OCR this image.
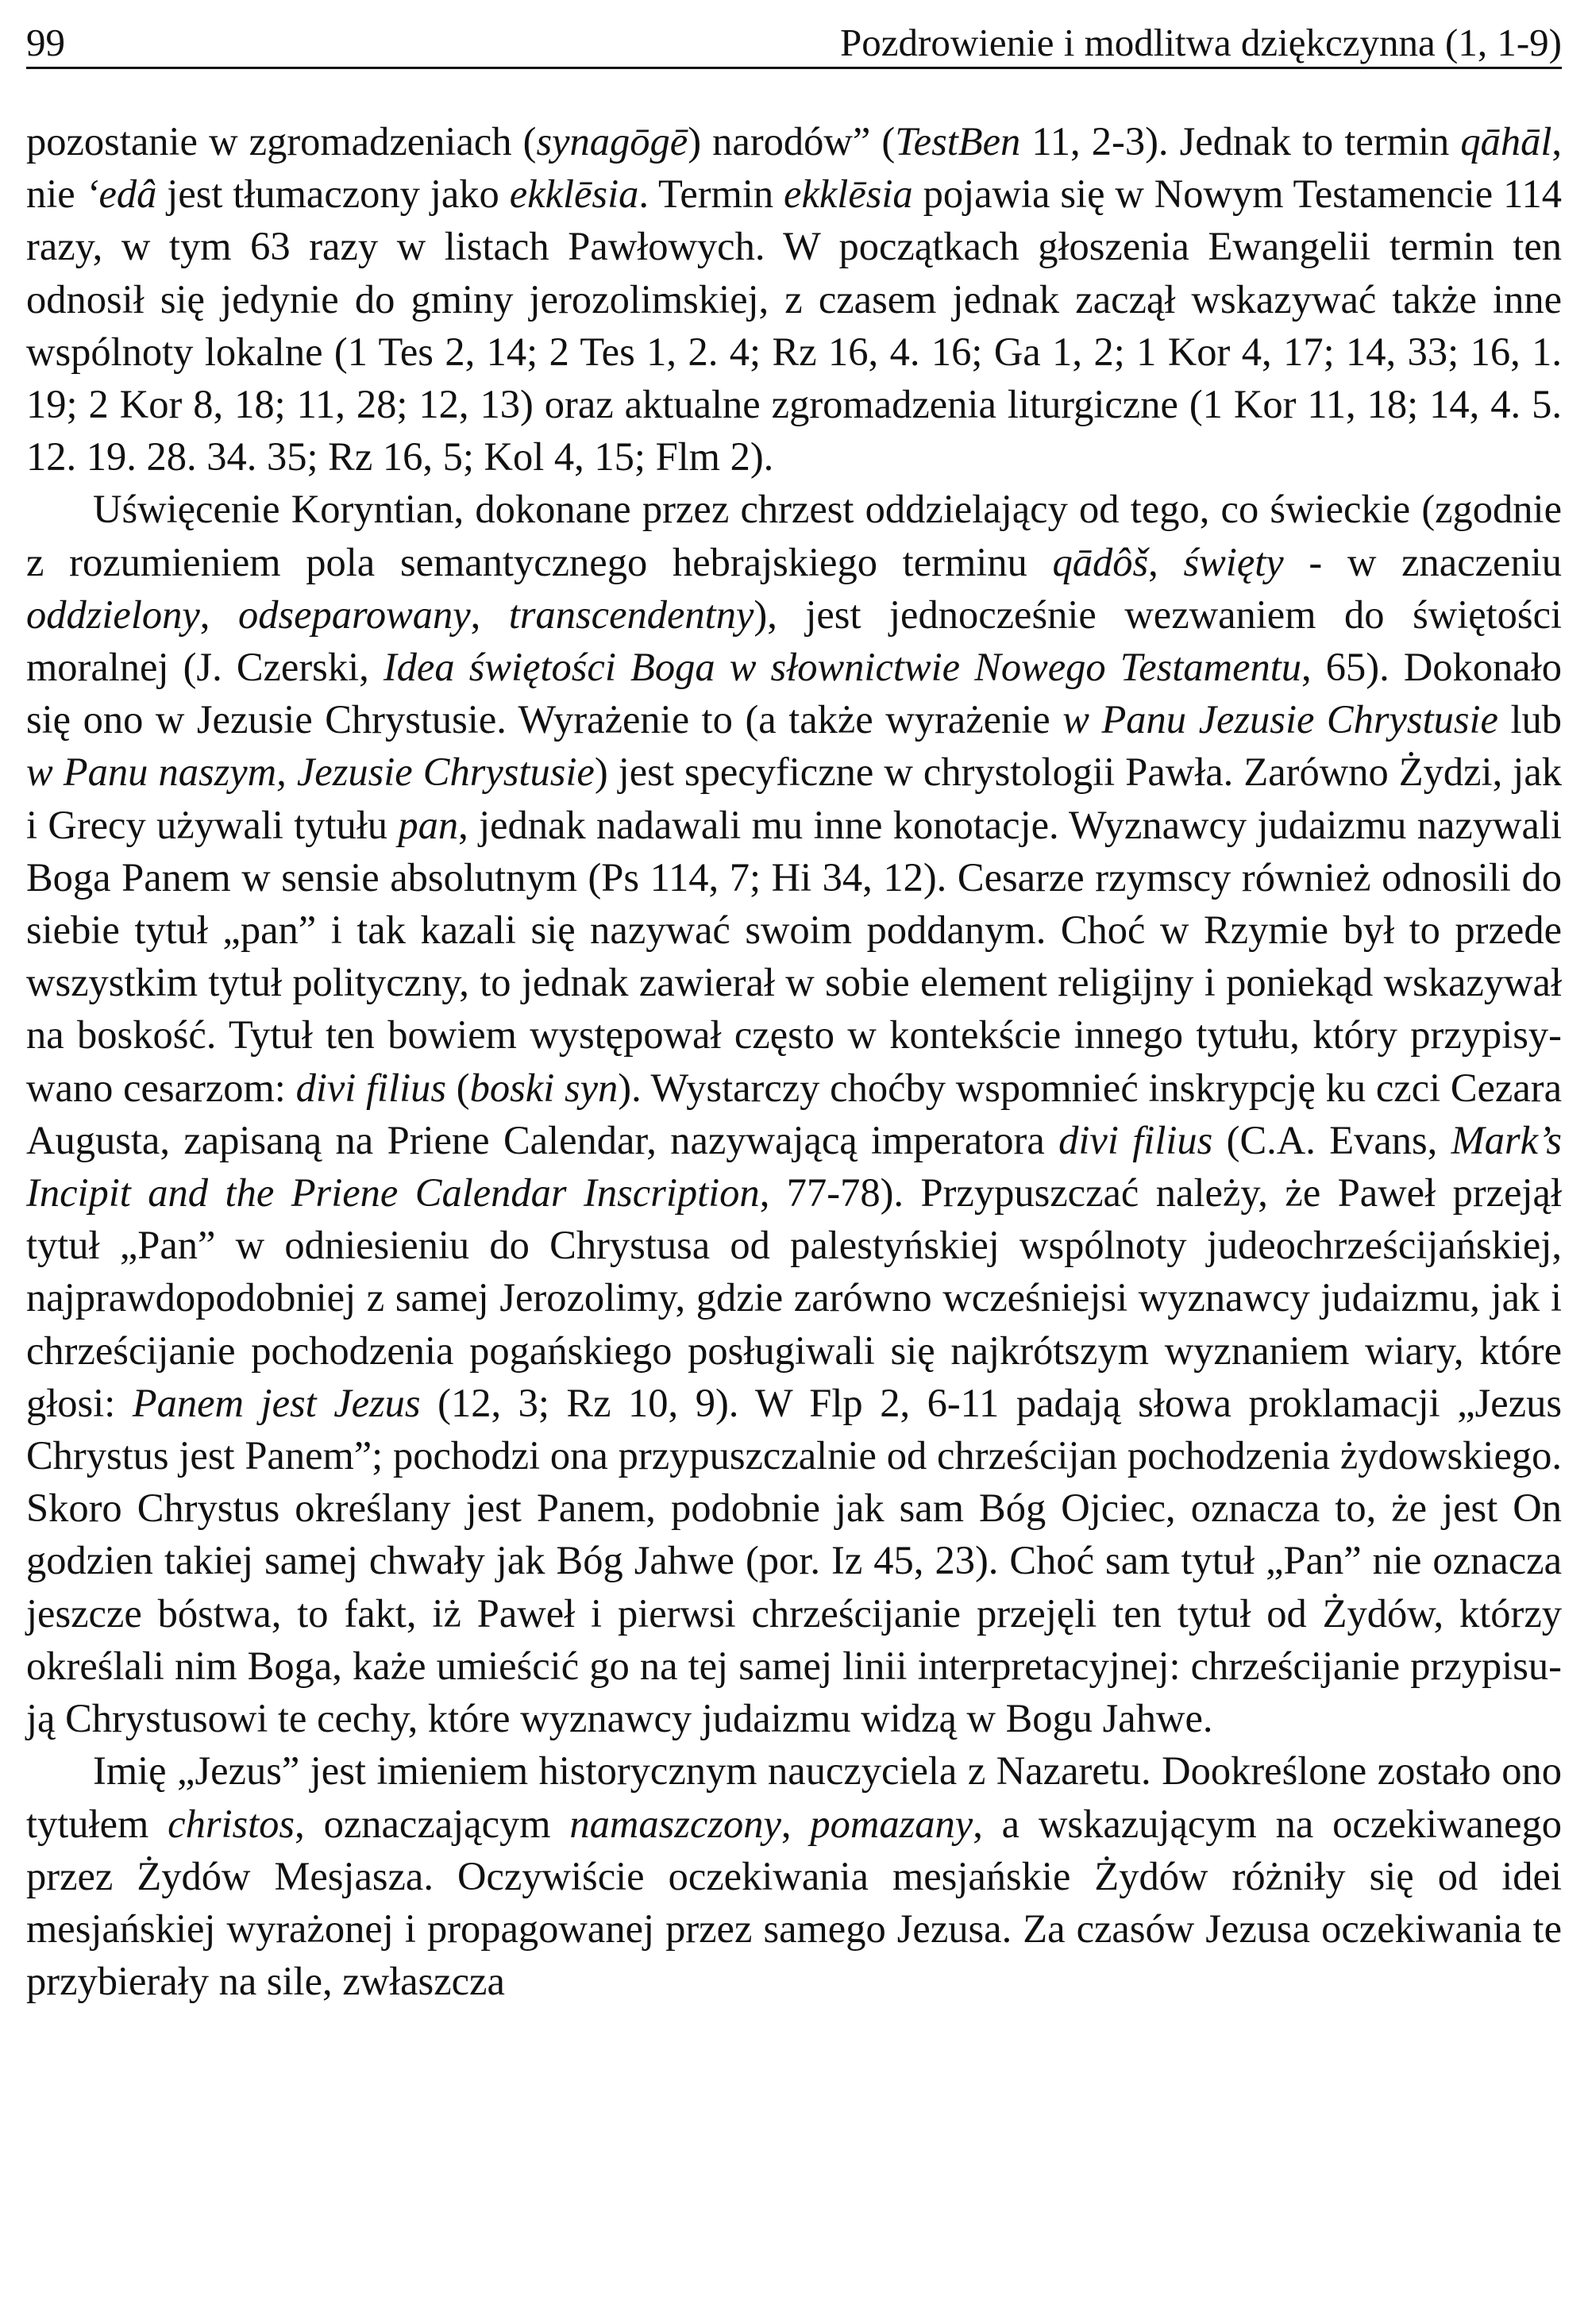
99	Pozdrowienie i modlitwa dziękczynna (1, 1-9)

pozostanie w zgromadzeniach (synagōgē) narodów” (TestBen 11, 2-3). Jednak to termin qāhāl, nie ‘edâ jest tłumaczony jako ekklēsia. Termin ekklēsia pojawia się w Nowym Testamencie 114 razy, w tym 63 razy w listach Pawłowych. W początkach głoszenia Ewangelii termin ten odnosił się jedynie do gminy jerozolimskiej, z czasem jednak zaczął wskazywać także inne wspólnoty lokalne (1 Tes 2, 14; 2 Tes 1, 2. 4; Rz 16, 4. 16; Ga 1, 2; 1 Kor 4, 17; 14, 33; 16, 1. 19; 2 Kor 8, 18; 11, 28; 12, 13) oraz aktualne zgromadzenia liturgiczne (1 Kor 11, 18; 14, 4. 5. 12. 19. 28. 34. 35; Rz 16, 5; Kol 4, 15; Flm 2).

Uświęcenie Koryntian, dokonane przez chrzest oddzielający od tego, co świeckie (zgodnie z rozumieniem pola semantycznego hebrajskiego terminu qādôš, święty - w znaczeniu oddzielony, odseparowany, transcendentny), jest jednocześnie wezwaniem do świętości moralnej (J. Czerski, Idea świętości Boga w słownictwie Nowego Testamentu, 65). Dokonało się ono w Jezusie Chrystusie. Wyrażenie to (a także wyrażenie w Panu Jezusie Chrystusie lub w Panu naszym, Jezusie Chrystusie) jest specyficzne w chrystologii Pawła. Zarówno Żydzi, jak i Grecy używali tytułu pan, jednak nadawali mu inne konotacje. Wyznawcy judaizmu nazywali Boga Panem w sensie absolutnym (Ps 114, 7; Hi 34, 12). Cesarze rzymscy również odnosili do siebie tytuł „pan” i tak kazali się nazywać swoim poddanym. Choć w Rzymie był to przede wszystkim tytuł polityczny, to jednak zawierał w sobie element religijny i poniekąd wskazywał na boskość. Tytuł ten bowiem występował często w kontekście innego tytułu, który przypisywano cesarzom: divi filius (boski syn). Wystarczy choćby wspomnieć inskrypcję ku czci Cezara Augusta, zapisaną na Priene Calendar, nazywającą imperatora divi filius (C.A. Evans, Mark’s Incipit and the Priene Calendar Inscription, 77-78). Przypuszczać należy, że Paweł przejął tytuł „Pan” w odniesieniu do Chrystusa od palestyńskiej wspólnoty judeochrześcijańskiej, najprawdopodobniej z samej Jerozolimy, gdzie zarówno wcześniejsi wyznawcy judaizmu, jak i chrześcijanie pochodzenia pogańskiego posługiwali się najkrótszym wyznaniem wiary, które głosi: Panem jest Jezus (12, 3; Rz 10, 9). W Flp 2, 6-11 padają słowa proklamacji „Jezus Chrystus jest Panem”; pochodzi ona przypuszczalnie od chrześcijan pochodzenia żydowskiego. Skoro Chrystus określany jest Panem, podobnie jak sam Bóg Ojciec, oznacza to, że jest On godzien takiej samej chwały jak Bóg Jahwe (por. Iz 45, 23). Choć sam tytuł „Pan” nie oznacza jeszcze bóstwa, to fakt, iż Paweł i pierwsi chrześcijanie przejęli ten tytuł od Żydów, którzy określali nim Boga, każe umieścić go na tej samej linii interpretacyjnej: chrześcijanie przypisują Chrystusowi te cechy, które wyznawcy judaizmu widzą w Bogu Jahwe.

Imię „Jezus” jest imieniem historycznym nauczyciela z Nazaretu. Dookreślone zostało ono tytułem christos, oznaczającym namaszczony, pomazany, a wskazującym na oczekiwanego przez Żydów Mesjasza. Oczywiście oczekiwania mesjańskie Żydów różniły się od idei mesjańskiej wyrażonej i propagowanej przez samego Jezusa. Za czasów Jezusa oczekiwania te przybierały na sile, zwłaszcza
